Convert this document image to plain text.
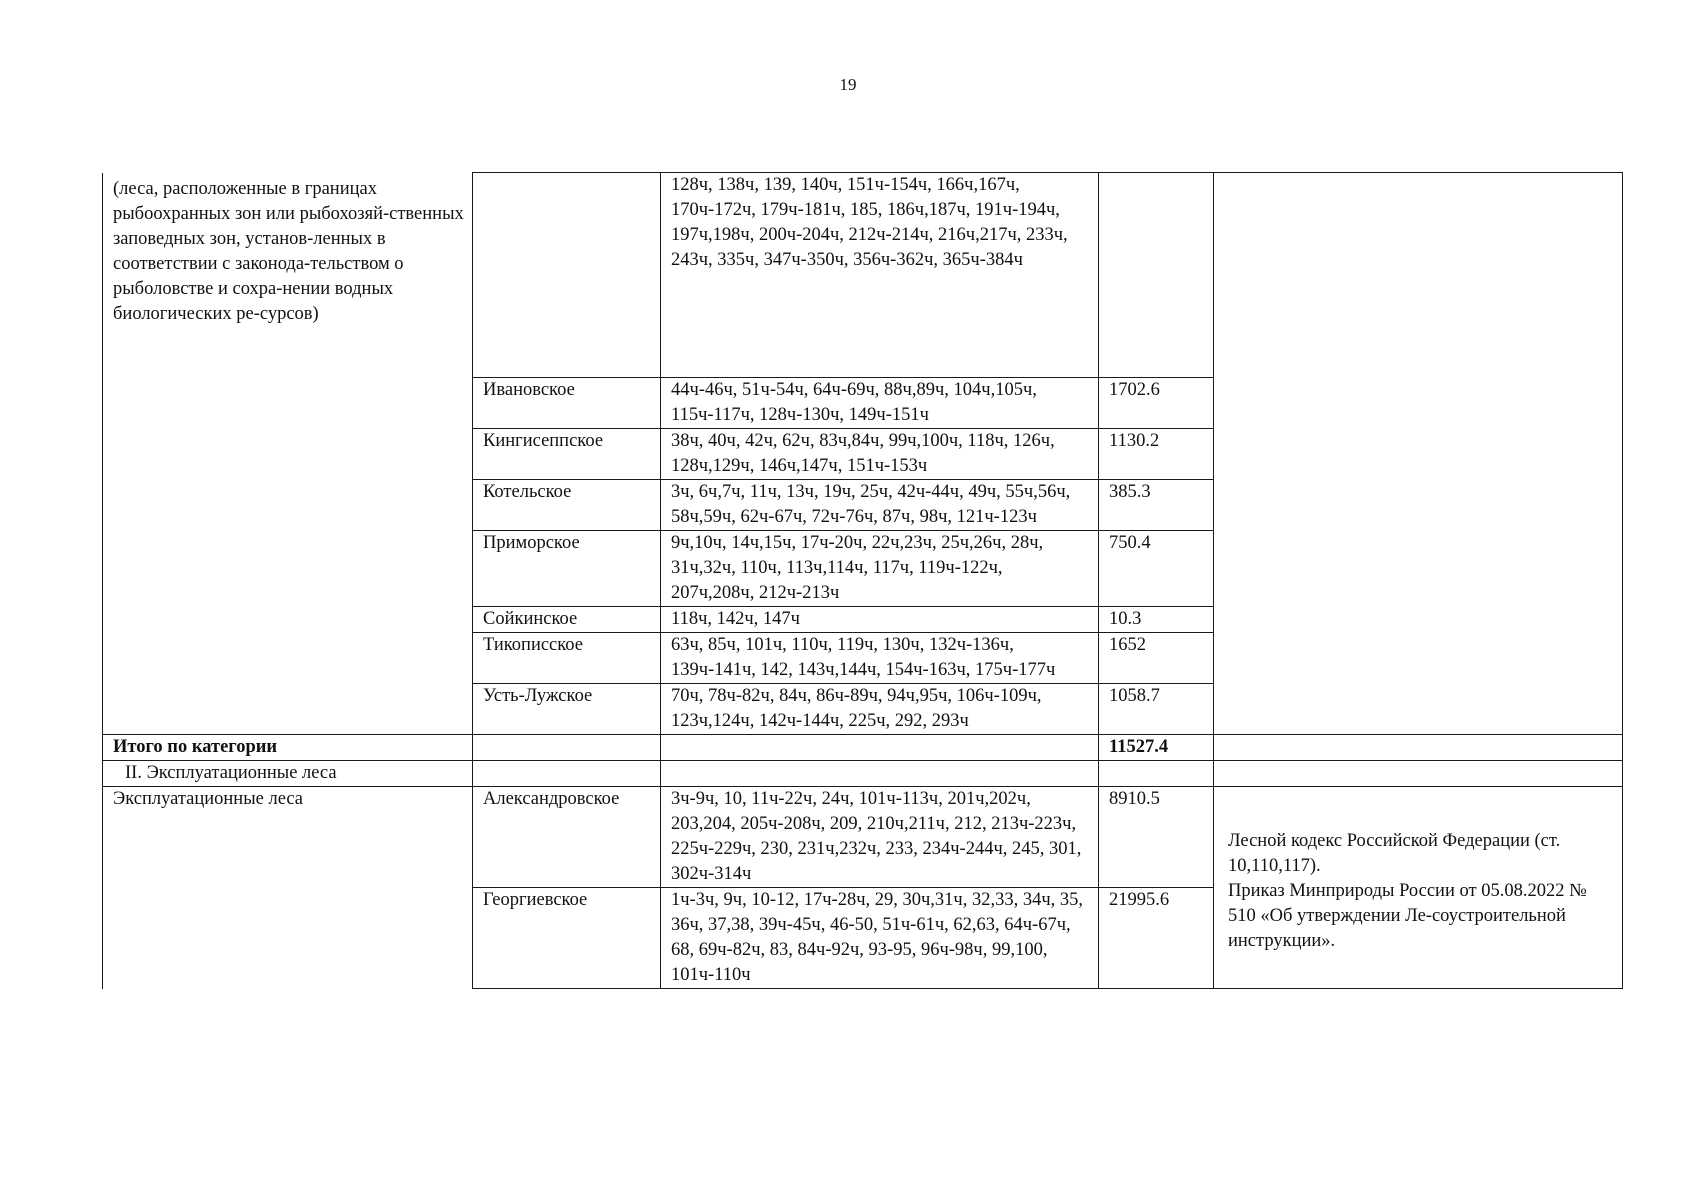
19
(леса, расположенные в границах рыбоохранных зон или рыбохозяй-ственных заповедных зон, установ-ленных в соответствии с законода-тельством о рыболовстве и сохра-нении водных биологических ре-сурсов)		128ч, 138ч, 139, 140ч, 151ч-154ч, 166ч,167ч, 170ч-172ч, 179ч-181ч, 185, 186ч,187ч, 191ч-194ч, 197ч,198ч, 200ч-204ч, 212ч-214ч, 216ч,217ч, 233ч, 243ч, 335ч, 347ч-350ч, 356ч-362ч, 365ч-384ч		
	Ивановское	44ч-46ч, 51ч-54ч, 64ч-69ч, 88ч,89ч, 104ч,105ч, 115ч-117ч, 128ч-130ч, 149ч-151ч	1702.6	
	Кингисеппское	38ч, 40ч, 42ч, 62ч, 83ч,84ч, 99ч,100ч, 118ч, 126ч, 128ч,129ч, 146ч,147ч, 151ч-153ч	1130.2	
	Котельское	3ч, 6ч,7ч, 11ч, 13ч, 19ч, 25ч, 42ч-44ч, 49ч, 55ч,56ч, 58ч,59ч, 62ч-67ч, 72ч-76ч, 87ч, 98ч, 121ч-123ч	385.3	
	Приморское	9ч,10ч, 14ч,15ч, 17ч-20ч, 22ч,23ч, 25ч,26ч, 28ч, 31ч,32ч, 110ч, 113ч,114ч, 117ч, 119ч-122ч, 207ч,208ч, 212ч-213ч	750.4	
	Сойкинское	118ч, 142ч, 147ч	10.3	
	Тикописское	63ч, 85ч, 101ч, 110ч, 119ч, 130ч, 132ч-136ч, 139ч-141ч, 142, 143ч,144ч, 154ч-163ч, 175ч-177ч	1652	
	Усть-Лужское	70ч, 78ч-82ч, 84ч, 86ч-89ч, 94ч,95ч, 106ч-109ч, 123ч,124ч, 142ч-144ч, 225ч, 292, 293ч	1058.7	
Итого по категории			11527.4	
II. Эксплуатационные леса				
Эксплуатационные леса	Александровское	3ч-9ч, 10, 11ч-22ч, 24ч, 101ч-113ч, 201ч,202ч, 203,204, 205ч-208ч, 209, 210ч,211ч, 212, 213ч-223ч, 225ч-229ч, 230, 231ч,232ч, 233, 234ч-244ч, 245, 301, 302ч-314ч	8910.5	Лесной кодекс Российской Федерации (ст. 10,110,117).
Приказ Минприроды России от 05.08.2022 № 510 «Об утверждении Ле-соустроительной инструкции».

	Георгиевское	1ч-3ч, 9ч, 10-12, 17ч-28ч, 29, 30ч,31ч, 32,33, 34ч, 35, 36ч, 37,38, 39ч-45ч, 46-50, 51ч-61ч, 62,63, 64ч-67ч, 68, 69ч-82ч, 83, 84ч-92ч, 93-95, 96ч-98ч, 99,100, 101ч-110ч	21995.6	
